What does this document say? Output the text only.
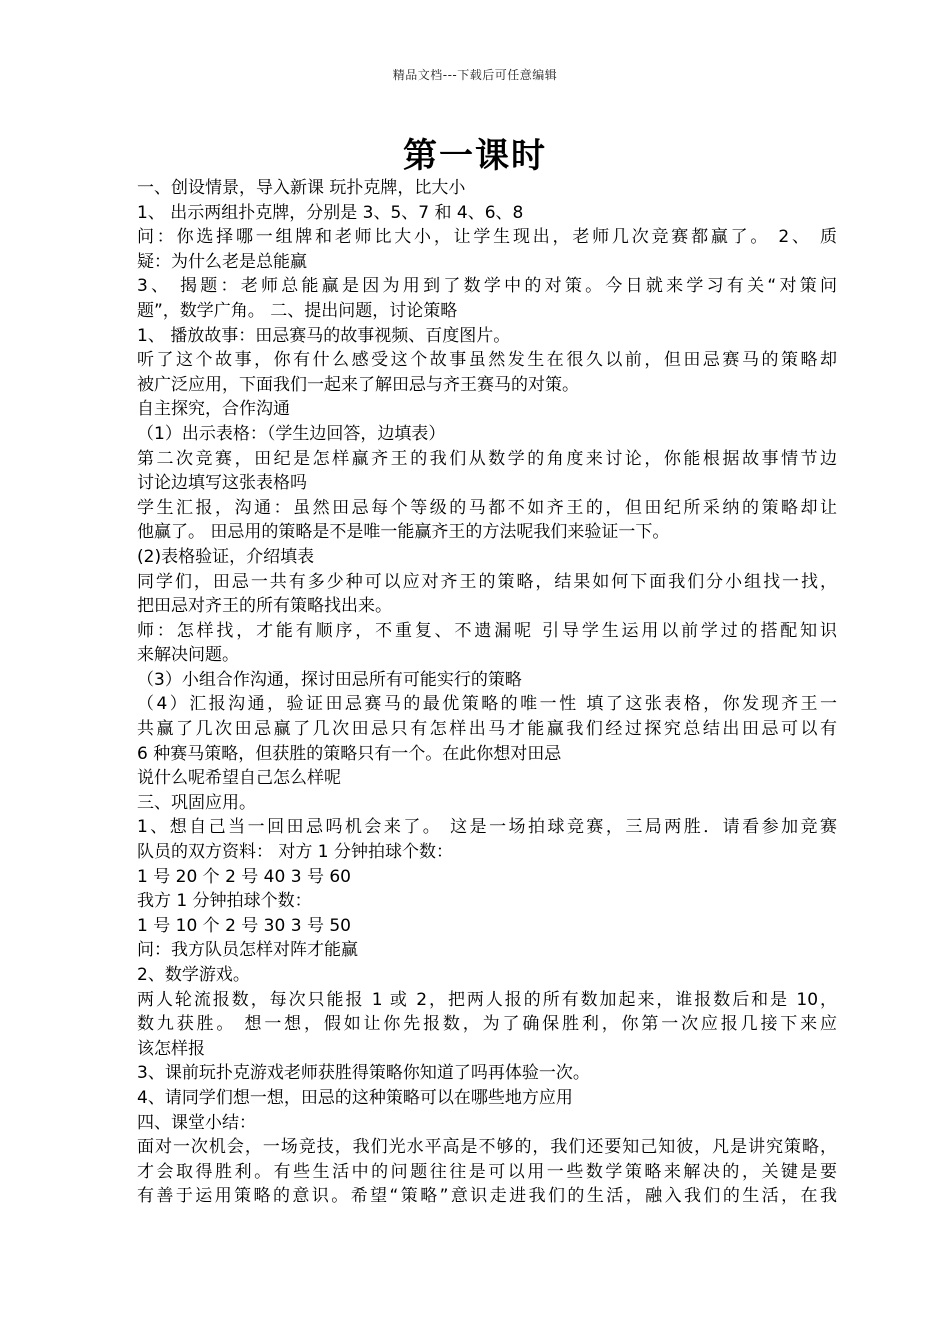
精品文档---下载后可任意编辑
第一课时
一、创设情景，导入新课 玩扑克牌，比大小
1、 出示两组扑克牌，分别是 3、5、7 和 4、6、8
问：你选择哪一组牌和老师比大小，让学生现出，老师几次竞赛都赢了。 2、 质
疑：为什么老是总能赢
3、 揭题：老师总能赢是因为用到了数学中的对策。今日就来学习有关“对策问
题”，数学广角。 二、提出问题，讨论策略
1、 播放故事：田忌赛马的故事视频、百度图片。
听了这个故事，你有什么感受这个故事虽然发生在很久以前，但田忌赛马的策略却
被广泛应用，下面我们一起来了解田忌与齐王赛马的对策。
自主探究，合作沟通
（1）出示表格：（学生边回答，边填表）
第二次竞赛，田纪是怎样赢齐王的我们从数学的角度来讨论，你能根据故事情节边
讨论边填写这张表格吗
学生汇报，沟通：虽然田忌每个等级的马都不如齐王的，但田纪所采纳的策略却让
他赢了。 田忌用的策略是不是唯一能赢齐王的方法呢我们来验证一下。
(2)表格验证，介绍填表
同学们，田忌一共有多少种可以应对齐王的策略，结果如何下面我们分小组找一找，
把田忌对齐王的所有策略找出来。
师：怎样找，才能有顺序，不重复、不遗漏呢 引导学生运用以前学过的搭配知识
来解决问题。
（3）小组合作沟通，探讨田忌所有可能实行的策略
（4）汇报沟通，验证田忌赛马的最优策略的唯一性 填了这张表格，你发现齐王一
共赢了几次田忌赢了几次田忌只有怎样出马才能赢我们经过探究总结出田忌可以有
6 种赛马策略，但获胜的策略只有一个。在此你想对田忌
说什么呢希望自己怎么样呢
三、巩固应用。
1、想自己当一回田忌吗机会来了。 这是一场拍球竞赛，三局两胜．请看参加竞赛
队员的双方资料： 对方 1 分钟拍球个数：
1 号 20 个 2 号 40 3 号 60
我方 1 分钟拍球个数：
1 号 10 个 2 号 30 3 号 50
问：我方队员怎样对阵才能赢
2、数学游戏。
两人轮流报数，每次只能报 1 或 2，把两人报的所有数加起来，谁报数后和是 10，
数九获胜。 想一想，假如让你先报数，为了确保胜利，你第一次应报几接下来应
该怎样报
3、课前玩扑克游戏老师获胜得策略你知道了吗再体验一次。
4、请同学们想一想，田忌的这种策略可以在哪些地方应用
四、课堂小结：
面对一次机会，一场竞技，我们光水平高是不够的，我们还要知己知彼，凡是讲究策略，
才会取得胜利。有些生活中的问题往往是可以用一些数学策略来解决的，关键是要
有善于运用策略的意识。希望“策略”意识走进我们的生活，融入我们的生活，在我
